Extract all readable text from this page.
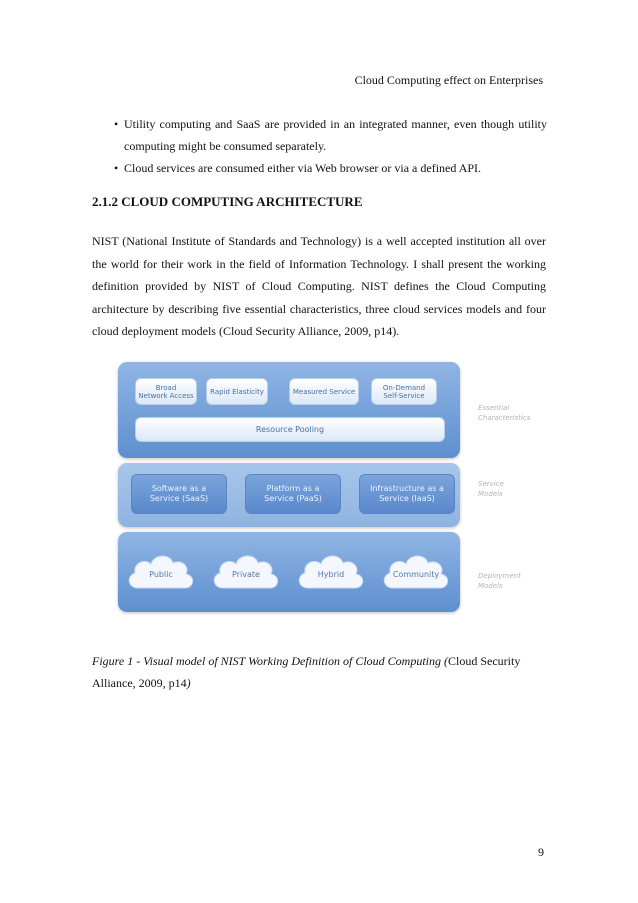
Cloud Computing effect on Enterprises
• Utility computing and SaaS are provided in an integrated manner, even though utility computing might be consumed separately.
• Cloud services are consumed either via Web browser or via a defined API.
2.1.2 CLOUD COMPUTING ARCHITECTURE
NIST (National Institute of Standards and Technology) is a well accepted institution all over the world for their work in the field of Information Technology. I shall present the working definition provided by NIST of Cloud Computing. NIST defines the Cloud Computing architecture by describing five essential characteristics, three cloud services models and four cloud deployment models (Cloud Security Alliance, 2009, p14).
Broad
Network Access Rapid Elasticity	Measured Service	On-Demand
Self-Service
Resource Pooling
Software as a
Service (SaaS)
Platform as a
Service (PaaS)
Infrastructure as a
Service (IaaS)
Public	Private	Hybrid	Community
Essential
Characteristics
Service
Models
Deployment
Models
Figure 1 - Visual model of NIST Working Definition of Cloud Computing (Cloud Security Alliance, 2009, p14)
9
